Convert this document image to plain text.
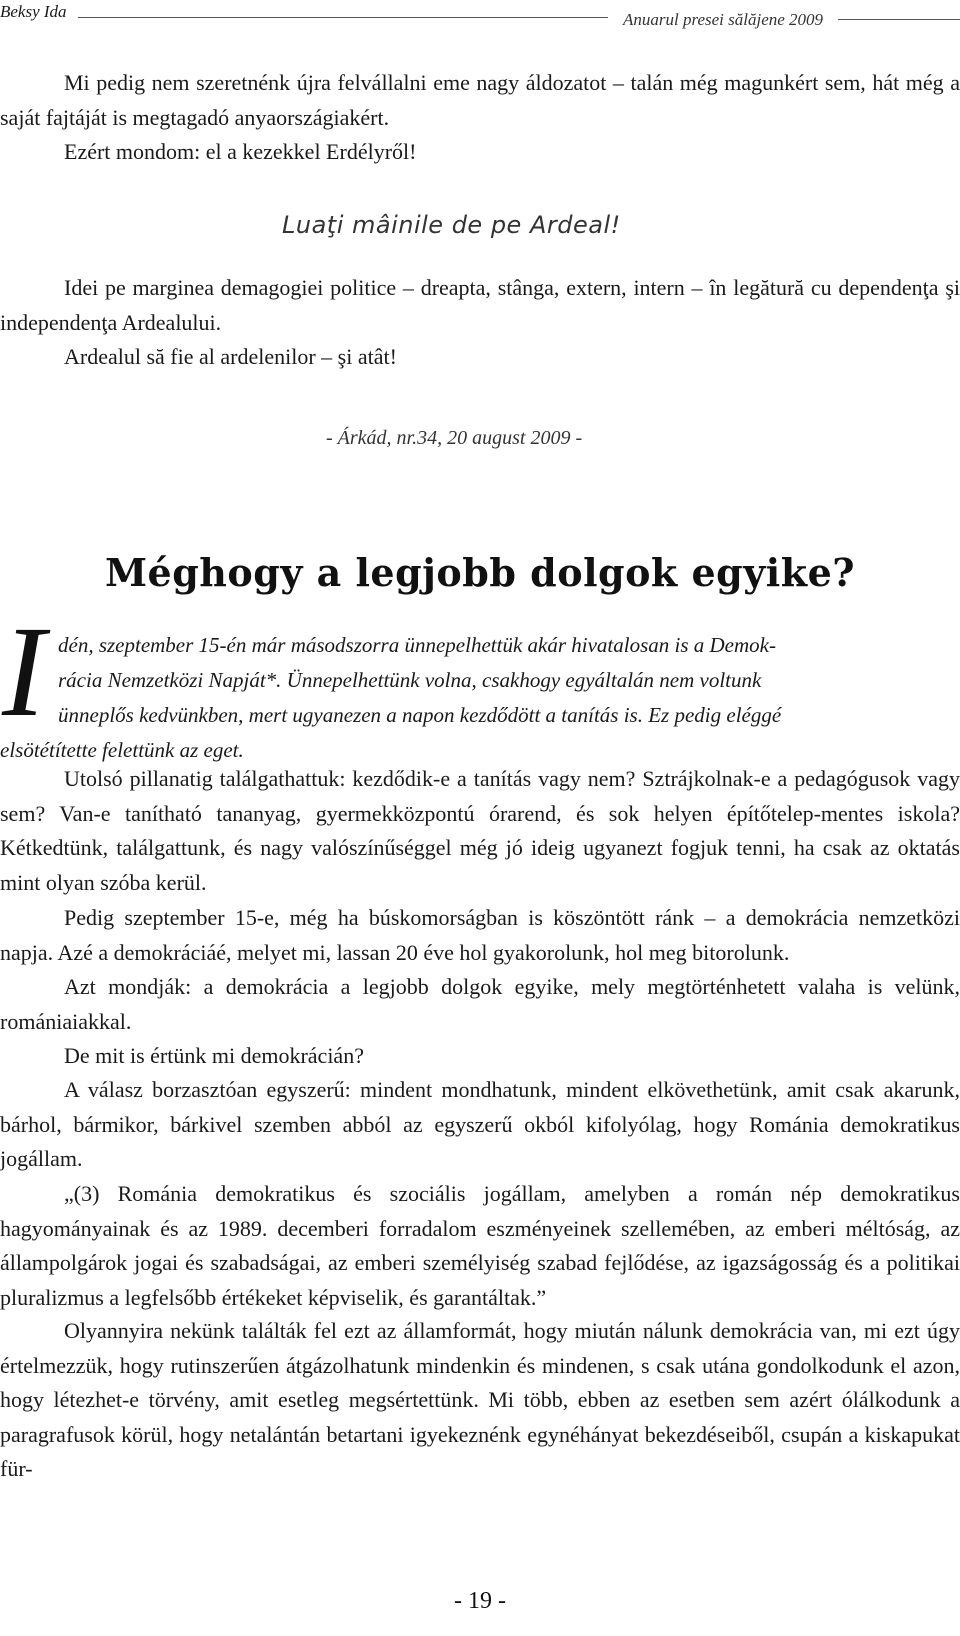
Beksy Ida	Anuarul presei sălăjene 2009

Mi pedig nem szeretnénk újra felvállalni eme nagy áldozatot – talán még magunkért sem, hát még a saját fajtáját is megtagadó anyaországiakért.

Ezért mondom: el a kezekkel Erdélyről!

Luaţi mâinile de pe Ardeal!

Idei pe marginea demagogiei politice – dreapta, stânga, extern, intern – în legătură cu dependenţa şi independenţa Ardealului.

Ardealul să fie al ardelenilor – şi atât!

- Árkád, nr.34, 20 august 2009 -
Méghogy a legjobb dolgok egyike?
I dén, szeptember 15-én már másodszorra ünnepelhettük akár hivatalosan is a Demok-
rácia Nemzetközi Napját*. Ünnepelhettünk volna, csakhogy egyáltalán nem voltunk
ünneplős kedvünkben, mert ugyanezen a napon kezdődött a tanítás is. Ez pedig eléggé
elsötétítette felettünk az eget.

Utolsó pillanatig találgathattuk: kezdődik-e a tanítás vagy nem? Sztrájkolnak-e a pedagógusok vagy sem? Van-e tanítható tananyag, gyermekközpontú órarend, és sok helyen építőtelep-mentes iskola? Kétkedtünk, találgattunk, és nagy valószínűséggel még jó ideig ugyanezt fogjuk tenni, ha csak az oktatás mint olyan szóba kerül.

Pedig szeptember 15-e, még ha búskomorságban is köszöntött ránk – a demokrácia nemzetközi napja. Azé a demokráciáé, melyet mi, lassan 20 éve hol gyakorolunk, hol meg bitorolunk.

Azt mondják: a demokrácia a legjobb dolgok egyike, mely megtörténhetett valaha is velünk, romániaiakkal.

De mit is értünk mi demokrácián?

A válasz borzasztóan egyszerű: mindent mondhatunk, mindent elkövethetünk, amit csak akarunk, bárhol, bármikor, bárkivel szemben abból az egyszerű okból kifolyólag, hogy Románia demokratikus jogállam.

„(3) Románia demokratikus és szociális jogállam, amelyben a román nép demokratikus hagyományainak és az 1989. decemberi forradalom eszményeinek szellemében, az emberi méltóság, az állampolgárok jogai és szabadságai, az emberi személyiség szabad fejlődése, az igazságosság és a politikai pluralizmus a legfelsőbb értékeket képviselik, és garantáltak.”

Olyannyira nekünk találták fel ezt az államformát, hogy miután nálunk demokrácia van, mi ezt úgy értelmezzük, hogy rutinszerűen átgázolhatunk mindenkin és mindenen, s csak utána gondolkodunk el azon, hogy létezhet-e törvény, amit esetleg megsértettünk. Mi több, ebben az esetben sem azért ólálkodunk a paragrafusok körül, hogy netalántán betartani igyekeznénk egynéhányat bekezdéseiből, csupán a kiskapukat für-

- 19 -
